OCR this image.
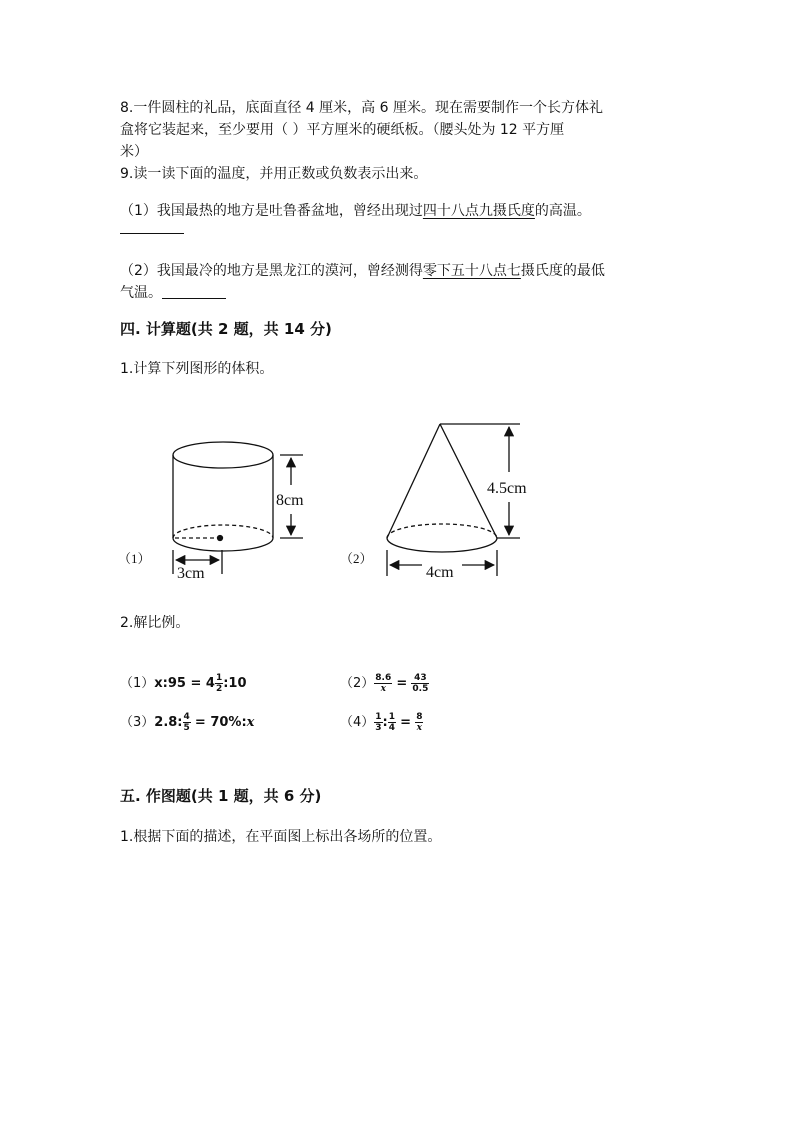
8.一件圆柱的礼品，底面直径 4 厘米，高 6 厘米。现在需要制作一个长方体礼
盒将它装起来，至少要用（ ）平方厘米的硬纸板。（腰头处为 12 平方厘
米）
9.读一读下面的温度，并用正数或负数表示出来。
（1）我国最热的地方是吐鲁番盆地，曾经出现过四十八点九摄氏度的高温。
（2）我国最冷的地方是黑龙江的漠河，曾经测得零下五十八点七摄氏度的最低
气温。
四. 计算题(共 2 题，共 14 分)
1.计算下列图形的体积。
8cm
3cm
（1）
4.5cm
4cm
（2）
2.解比例。
（1）x:95 = $4 \frac{1}{2}$ :10	$(2) \frac{8.6}{x} = \frac{43}{0.5}$
（3）2.8: $\frac{4}{5}$ = 70%:x	$(4) \frac{1}{3}$ : $\frac{1}{4} = \frac{8}{x}$
五. 作图题(共 1 题，共 6 分)
1.根据下面的描述，在平面图上标出各场所的位置。
